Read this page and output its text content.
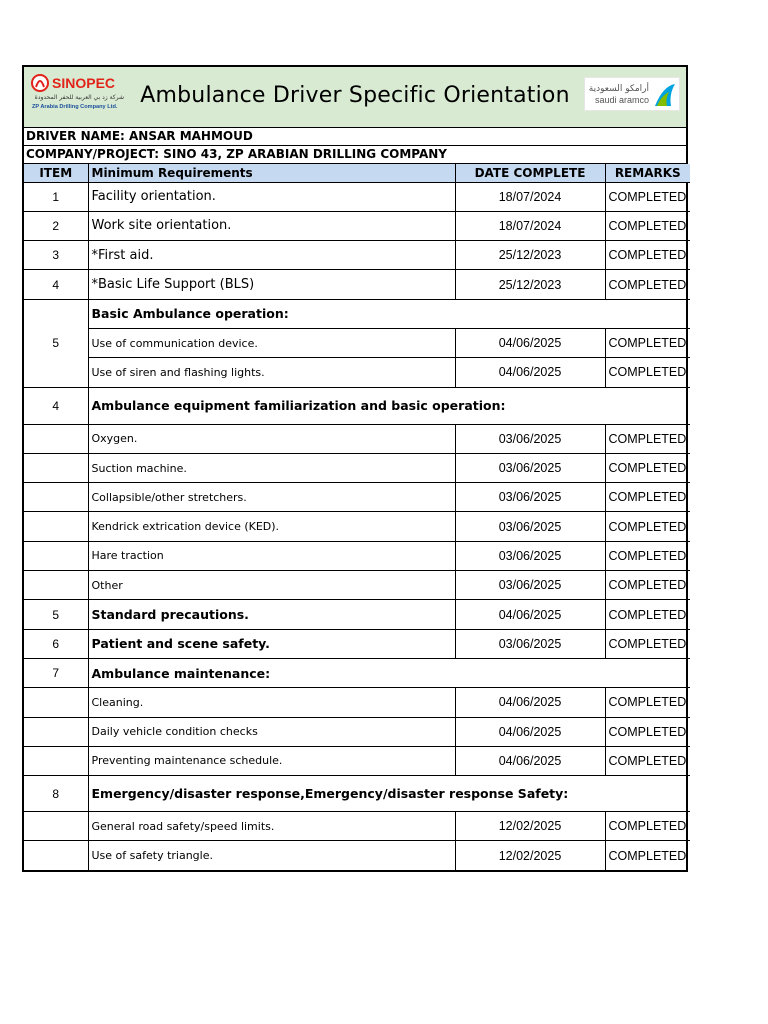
SINOPEC
شركة زد بي العربية للحفر المحدودة
ZP Arabia Drilling Company Ltd.	Ambulance Driver Specific Orientation	أرامكو السعودية
saudi aramco
DRIVER NAME: ANSAR MAHMOUD
COMPANY/PROJECT: SINO 43, ZP ARABIAN DRILLING COMPANY
ITEM	Minimum Requirements	DATE COMPLETE	REMARKS
1	Facility orientation.	18/07/2024	COMPLETED
2	Work site orientation.	18/07/2024	COMPLETED
3	*First aid.	25/12/2023	COMPLETED
4	*Basic Life Support (BLS)	25/12/2023	COMPLETED
5	Basic Ambulance operation:		
	Use of communication device.	04/06/2025	COMPLETED
	Use of siren and flashing lights.	04/06/2025	COMPLETED
4	Ambulance equipment familiarization and basic operation:		
	Oxygen.	03/06/2025	COMPLETED
	Suction machine.	03/06/2025	COMPLETED
	Collapsible/other stretchers.	03/06/2025	COMPLETED
	Kendrick extrication device (KED).	03/06/2025	COMPLETED
	Hare traction	03/06/2025	COMPLETED
	Other	03/06/2025	COMPLETED
5	Standard precautions.	04/06/2025	COMPLETED
6	Patient and scene safety.	03/06/2025	COMPLETED
7	Ambulance maintenance:		
	Cleaning.	04/06/2025	COMPLETED
	Daily vehicle condition checks	04/06/2025	COMPLETED
	Preventing maintenance schedule.	04/06/2025	COMPLETED
8	Emergency/disaster response,Emergency/disaster response Safety:		
	General road safety/speed limits.	12/02/2025	COMPLETED
	Use of safety triangle.	12/02/2025	COMPLETED
